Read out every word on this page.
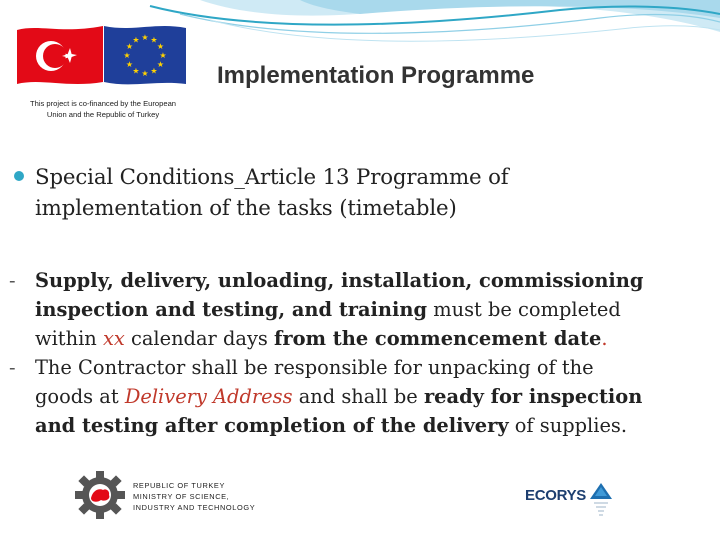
★ ★
★
★
★
★
★
★
★
★
★
★
This project is co-financed by the European
Union and the Republic of Turkey
Implementation Programme
Special Conditions_Article 13 Programme of
implementation of the tasks (timetable)
- Supply, delivery, unloading, installation, commissioning
inspection and testing, and training must be completed
within xx calendar days from the commencement date.
- The Contractor shall be responsible for unpacking of the
goods at Delivery Address and shall be ready for inspection
and testing after completion of the delivery of supplies.
REPUBLIC OF TURKEY
MINISTRY OF SCIENCE,
INDUSTRY AND TECHNOLOGY
ECORYS
